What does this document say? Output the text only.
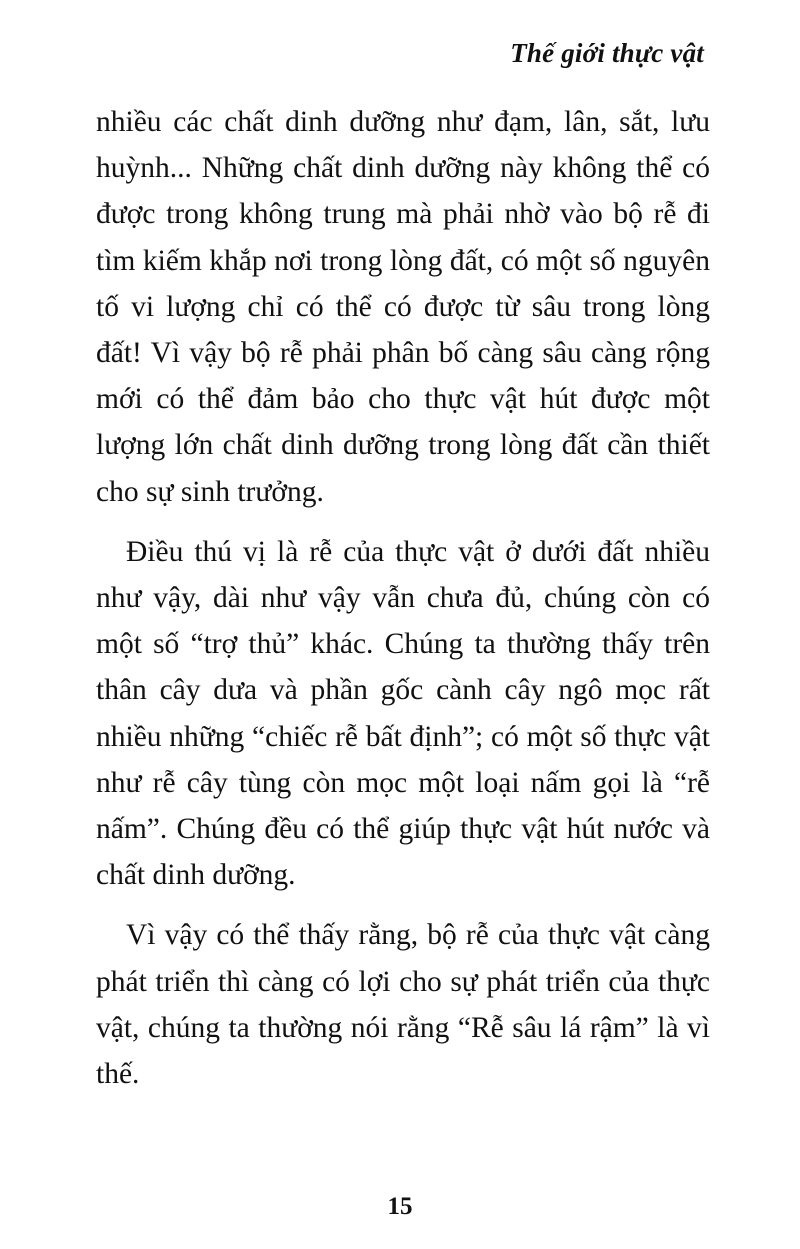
Thế giới thực vật

nhiều các chất dinh dưỡng như đạm, lân, sắt, lưu huỳnh... Những chất dinh dưỡng này không thể có được trong không trung mà phải nhờ vào bộ rễ đi tìm kiếm khắp nơi trong lòng đất, có một số nguyên tố vi lượng chỉ có thể có được từ sâu trong lòng đất! Vì vậy bộ rễ phải phân bố càng sâu càng rộng mới có thể đảm bảo cho thực vật hút được một lượng lớn chất dinh dưỡng trong lòng đất cần thiết cho sự sinh trưởng.

Điều thú vị là rễ của thực vật ở dưới đất nhiều như vậy, dài như vậy vẫn chưa đủ, chúng còn có một số “trợ thủ” khác. Chúng ta thường thấy trên thân cây dưa và phần gốc cành cây ngô mọc rất nhiều những “chiếc rễ bất định”; có một số thực vật như rễ cây tùng còn mọc một loại nấm gọi là “rễ nấm”. Chúng đều có thể giúp thực vật hút nước và chất dinh dưỡng.

Vì vậy có thể thấy rằng, bộ rễ của thực vật càng phát triển thì càng có lợi cho sự phát triển của thực vật, chúng ta thường nói rằng “Rễ sâu lá rậm” là vì thế.

15
